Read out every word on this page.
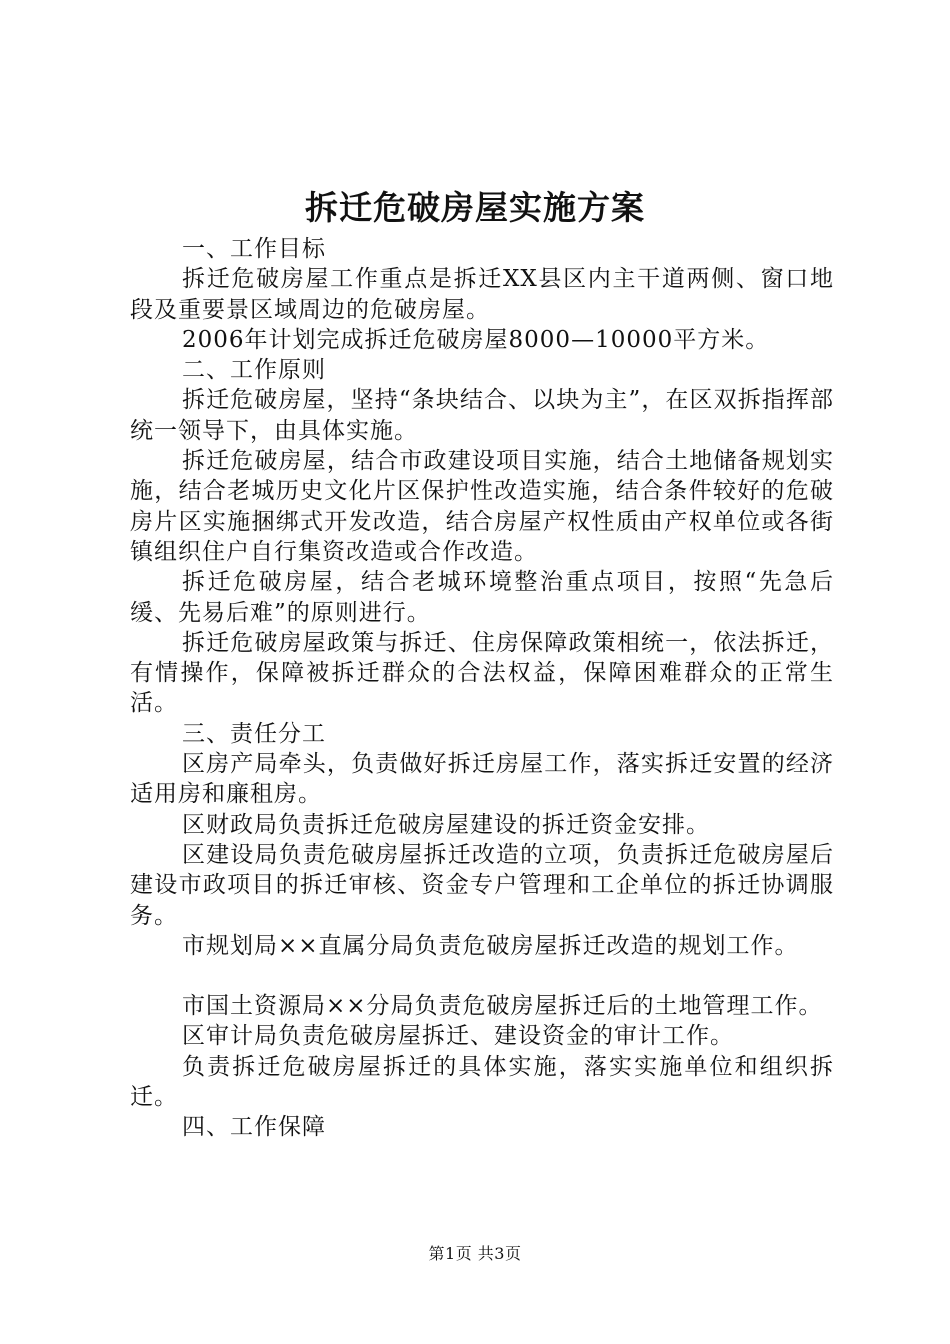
拆迁危破房屋实施方案

一、工作目标

拆迁危破房屋工作重点是拆迁XX县区内主干道两侧、窗口地段及重要景区域周边的危破房屋。

2006年计划完成拆迁危破房屋8000—10000平方米。

二、工作原则

拆迁危破房屋，坚持“条块结合、以块为主”，在区双拆指挥部统一领导下，由具体实施。

拆迁危破房屋，结合市政建设项目实施，结合土地储备规划实施，结合老城历史文化片区保护性改造实施，结合条件较好的危破房片区实施捆绑式开发改造，结合房屋产权性质由产权单位或各街镇组织住户自行集资改造或合作改造。

拆迁危破房屋，结合老城环境整治重点项目，按照“先急后缓、先易后难”的原则进行。

拆迁危破房屋政策与拆迁、住房保障政策相统一，依法拆迁，有情操作，保障被拆迁群众的合法权益，保障困难群众的正常生活。

三、责任分工

区房产局牵头，负责做好拆迁房屋工作，落实拆迁安置的经济适用房和廉租房。

区财政局负责拆迁危破房屋建设的拆迁资金安排。

区建设局负责危破房屋拆迁改造的立项，负责拆迁危破房屋后建设市政项目的拆迁审核、资金专户管理和工企单位的拆迁协调服务。

市规划局××直属分局负责危破房屋拆迁改造的规划工作。

市国土资源局××分局负责危破房屋拆迁后的土地管理工作。

区审计局负责危破房屋拆迁、建设资金的审计工作。

负责拆迁危破房屋拆迁的具体实施，落实实施单位和组织拆迁。

四、工作保障

第1页 共3页
